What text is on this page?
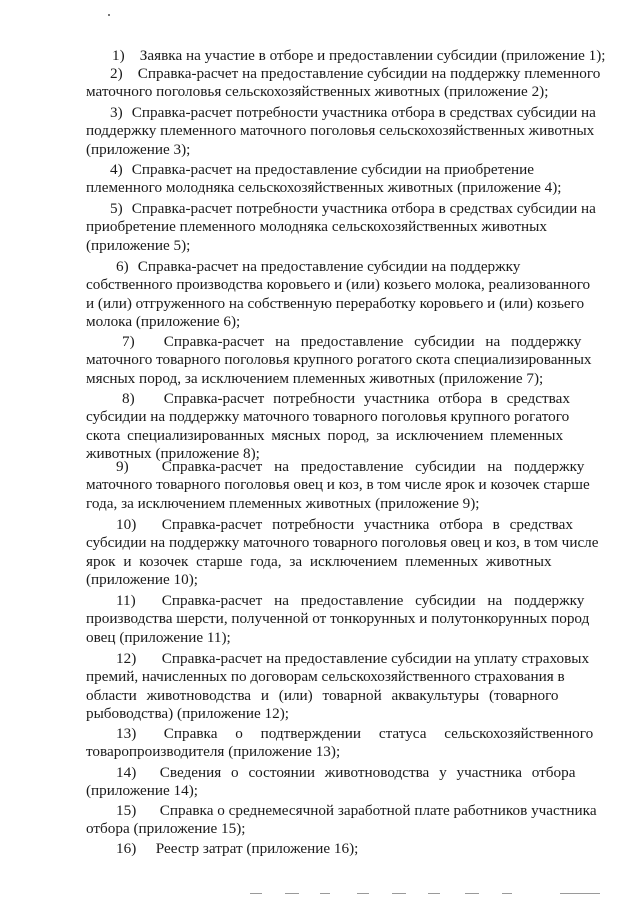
1) Заявка на участие в отборе и предоставлении субсидии (приложение 1);
2) Справка-расчет на предоставление субсидии на поддержку племенного
маточного поголовья сельскохозяйственных животных (приложение 2);
3) Справка-расчет потребности участника отбора в средствах субсидии на
поддержку племенного маточного поголовья сельскохозяйственных животных
(приложение 3);
4) Справка-расчет на предоставление субсидии на приобретение
племенного молодняка сельскохозяйственных животных (приложение 4);
5) Справка-расчет потребности участника отбора в средствах субсидии на
приобретение племенного молодняка сельскохозяйственных животных
(приложение 5);
6) Справка-расчет на предоставление субсидии на поддержку
собственного производства коровьего и (или) козьего молока, реализованного
и (или) отгруженного на собственную переработку коровьего и (или) козьего
молока (приложение 6);
7) Справка-расчет на предоставление субсидии на поддержку
маточного товарного поголовья крупного рогатого скота специализированных
мясных пород, за исключением племенных животных (приложение 7);
8) Справка-расчет потребности участника отбора в средствах
субсидии на поддержку маточного товарного поголовья крупного рогатого
скота специализированных мясных пород, за исключением племенных
животных (приложение 8);
9) Справка-расчет на предоставление субсидии на поддержку
маточного товарного поголовья овец и коз, в том числе ярок и козочек старше
года, за исключением племенных животных (приложение 9);
10) Справка-расчет потребности участника отбора в средствах
субсидии на поддержку маточного товарного поголовья овец и коз, в том числе
ярок и козочек старше года, за исключением племенных животных
(приложение 10);
11) Справка-расчет на предоставление субсидии на поддержку
производства шерсти, полученной от тонкорунных и полутонкорунных пород
овец (приложение 11);
12) Справка-расчет на предоставление субсидии на уплату страховых
премий, начисленных по договорам сельскохозяйственного страхования в
области животноводства и (или) товарной аквакультуры (товарного
рыбоводства) (приложение 12);
13) Справка о подтверждении статуса сельскохозяйственного
товаропроизводителя (приложение 13);
14) Сведения о состоянии животноводства у участника отбора
(приложение 14);
15) Справка о среднемесячной заработной плате работников участника
отбора (приложение 15);
16) Реестр затрат (приложение 16);
